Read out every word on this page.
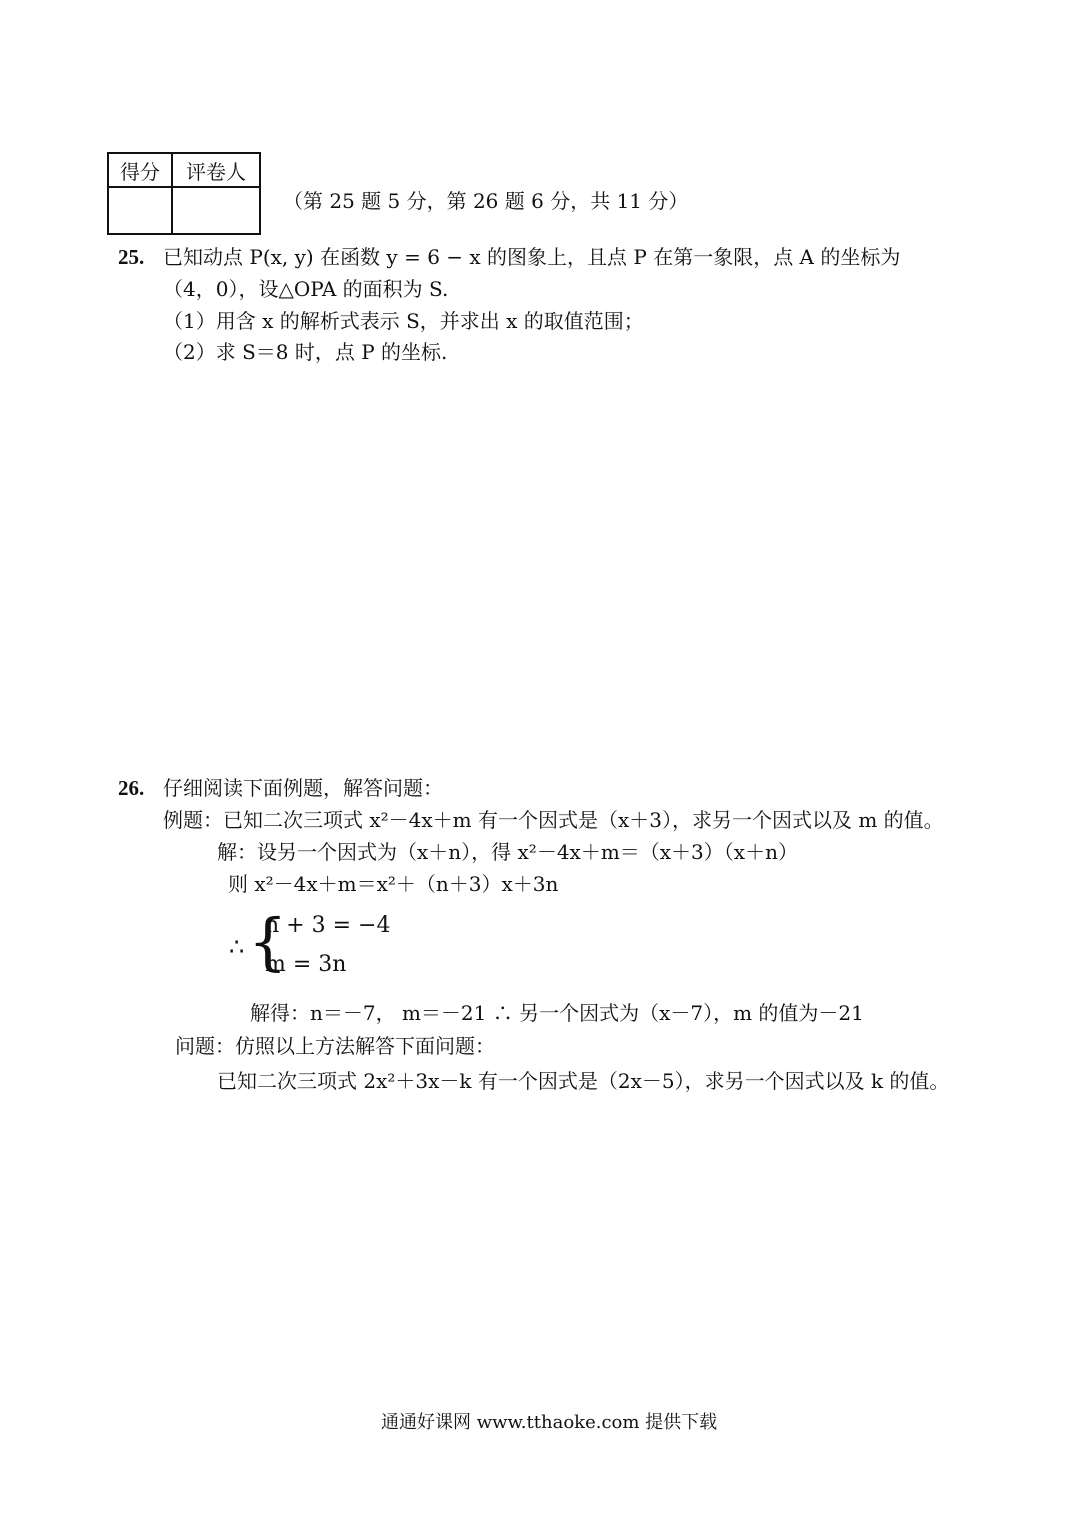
得分	评卷人

（第 25 题 5 分，第 26 题 6 分，共 11 分）
25. 已知动点 P(x, y) 在函数 y = 6 − x 的图象上，且点 P 在第一象限，点 A 的坐标为
（4，0），设△OPA 的面积为 S.
（1）用含 x 的解析式表示 S，并求出 x 的取值范围；
（2）求 S＝8 时，点 P 的坐标.
26. 仔细阅读下面例题，解答问题：
例题：已知二次三项式 x²－4x＋m 有一个因式是（x＋3），求另一个因式以及 m 的值。
解：设另一个因式为（x＋n），得 x²－4x＋m＝（x＋3）（x＋n）
则 x²－4x＋m＝x²＋（n＋3）x＋3n
∴ {
n + 3 = −4
m = 3n
解得：n＝－7， m＝－21 ∴ 另一个因式为（x－7），m 的值为－21
问题：仿照以上方法解答下面问题：
已知二次三项式 2x²＋3x－k 有一个因式是（2x－5），求另一个因式以及 k 的值。
通通好课网 www.tthaoke.com 提供下载
